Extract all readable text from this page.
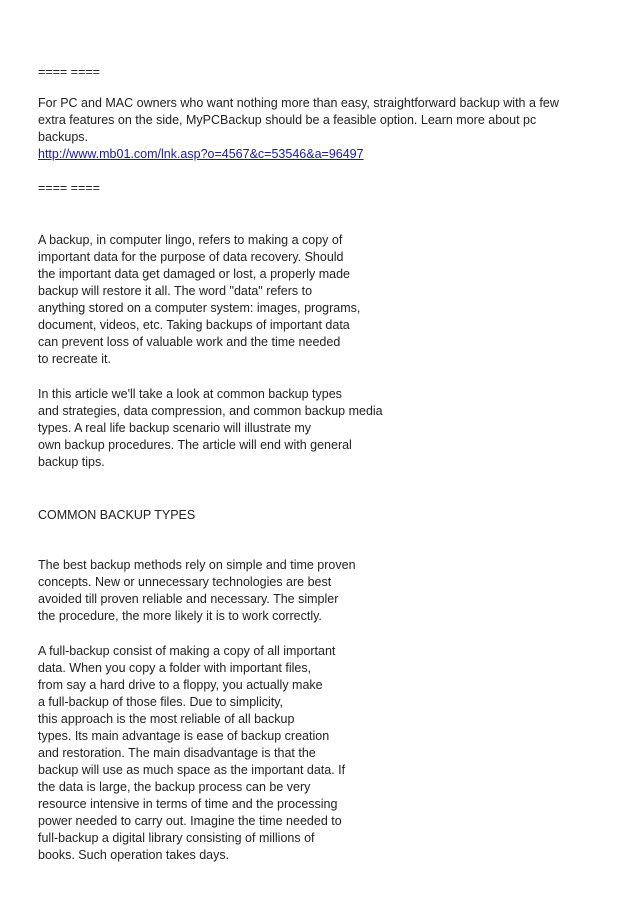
==== ====
For PC and MAC owners who want nothing more than easy, straightforward backup with a few
extra features on the side, MyPCBackup should be a feasible option. Learn more about pc
backups.
http://www.mb01.com/lnk.asp?o=4567&c=53546&a=96497
==== ====
A backup, in computer lingo, refers to making a copy of
important data for the purpose of data recovery. Should
the important data get damaged or lost, a properly made
backup will restore it all. The word "data" refers to
anything stored on a computer system: images, programs,
document, videos, etc. Taking backups of important data
can prevent loss of valuable work and the time needed
to recreate it.
In this article we'll take a look at common backup types
and strategies, data compression, and common backup media
types. A real life backup scenario will illustrate my
own backup procedures. The article will end with general
backup tips.
COMMON BACKUP TYPES
The best backup methods rely on simple and time proven
concepts. New or unnecessary technologies are best
avoided till proven reliable and necessary. The simpler
the procedure, the more likely it is to work correctly.
A full-backup consist of making a copy of all important
data. When you copy a folder with important files,
from say a hard drive to a floppy, you actually make
a full-backup of those files. Due to simplicity,
this approach is the most reliable of all backup
types. Its main advantage is ease of backup creation
and restoration. The main disadvantage is that the
backup will use as much space as the important data. If
the data is large, the backup process can be very
resource intensive in terms of time and the processing
power needed to carry out. Imagine the time needed to
full-backup a digital library consisting of millions of
books. Such operation takes days.
